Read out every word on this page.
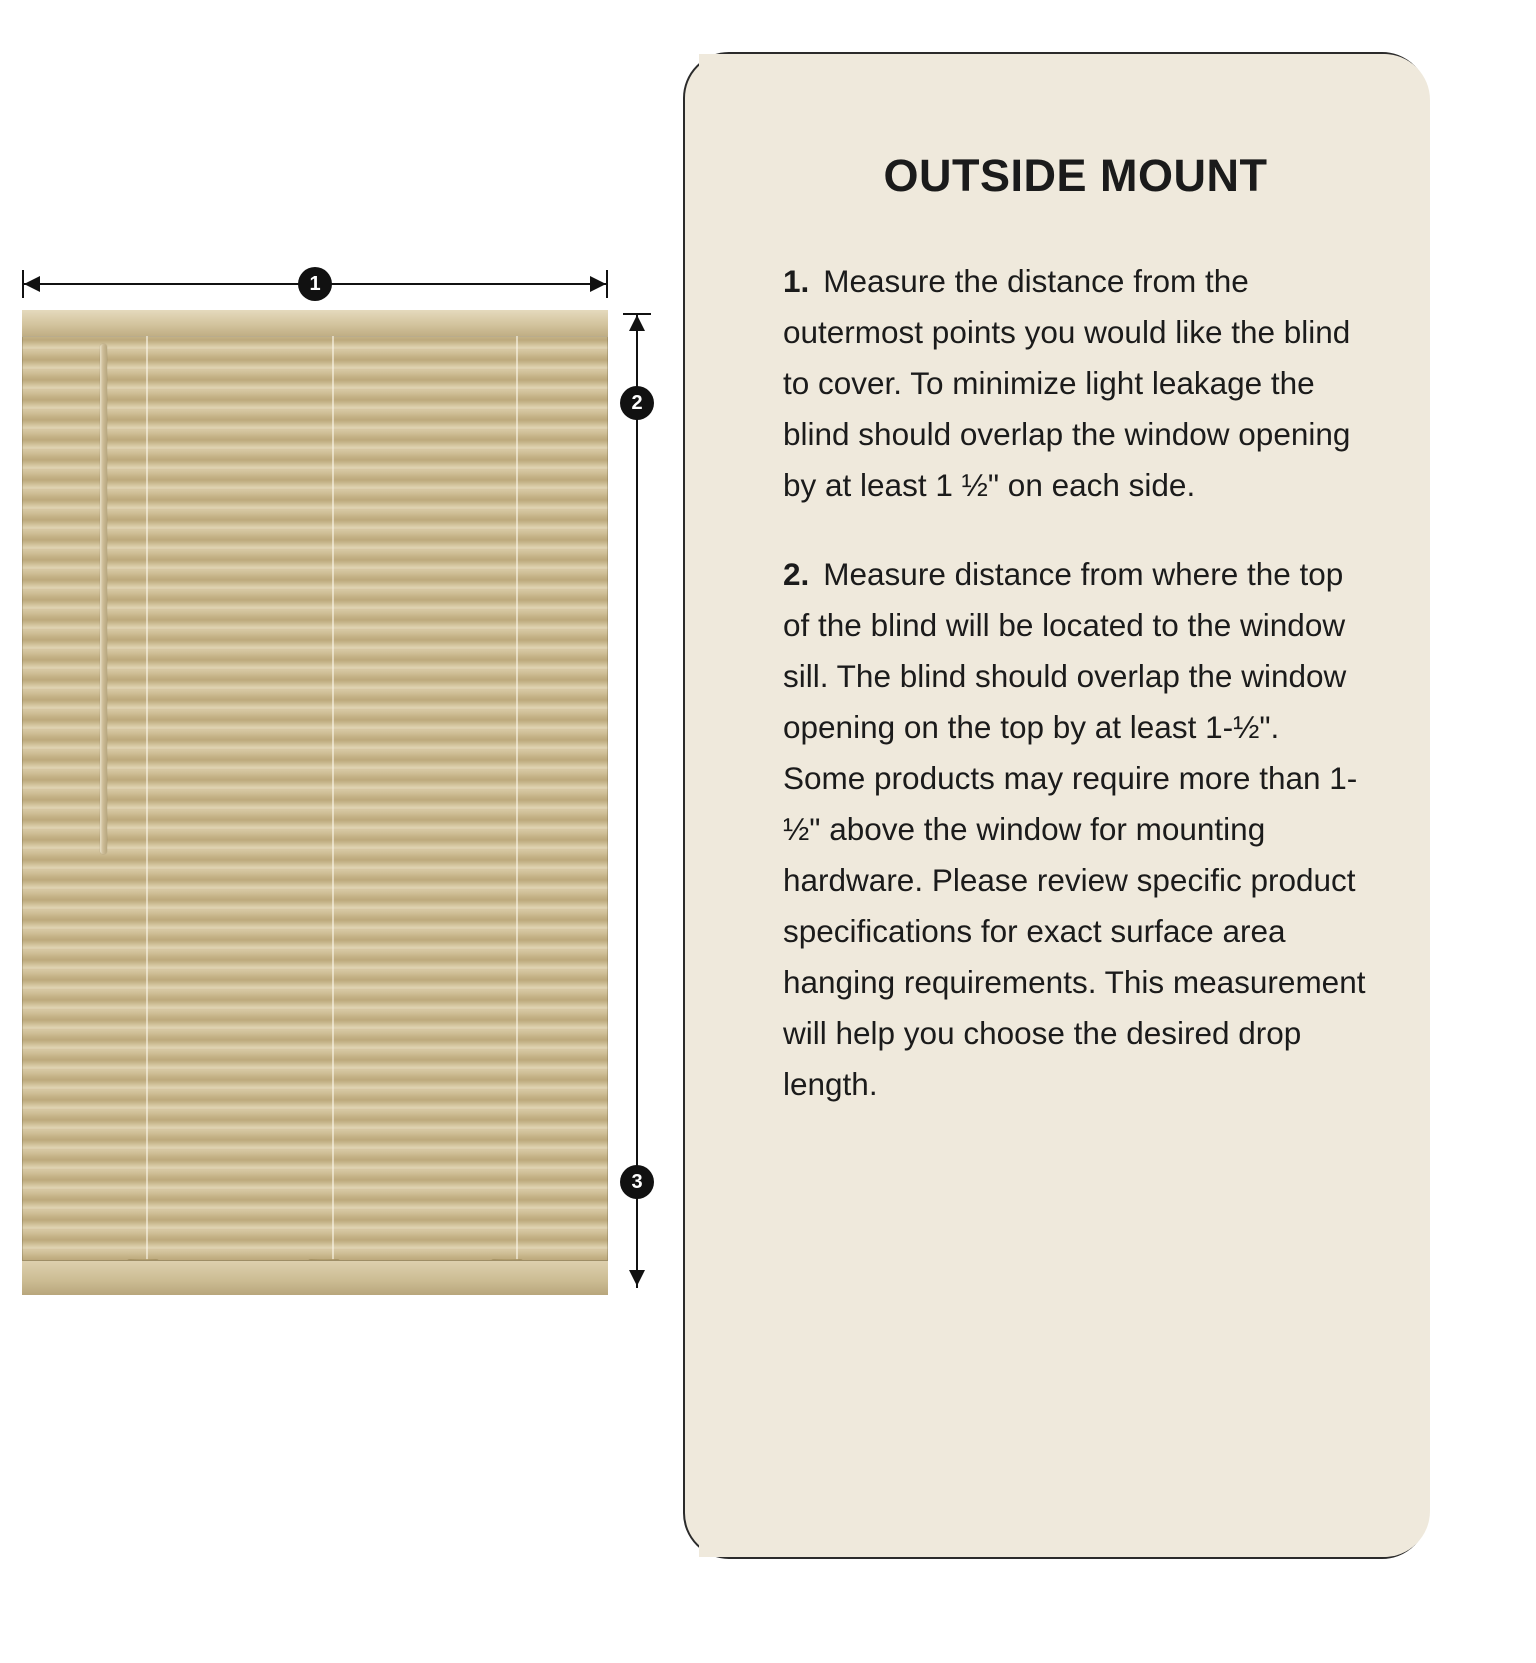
1
2
3
OUTSIDE MOUNT
1. Measure the distance from the outermost points you would like the blind to cover. To minimize light leakage the blind should overlap the window opening by at least 1 ½" on each side.
2. Measure distance from where the top of the blind will be located to the window sill. The blind should overlap the window opening on the top by at least 1-½". Some products may require more than 1-½" above the window for mounting hardware. Please review specific product specifications for exact surface area hanging requirements. This measurement will help you choose the desired drop length.
